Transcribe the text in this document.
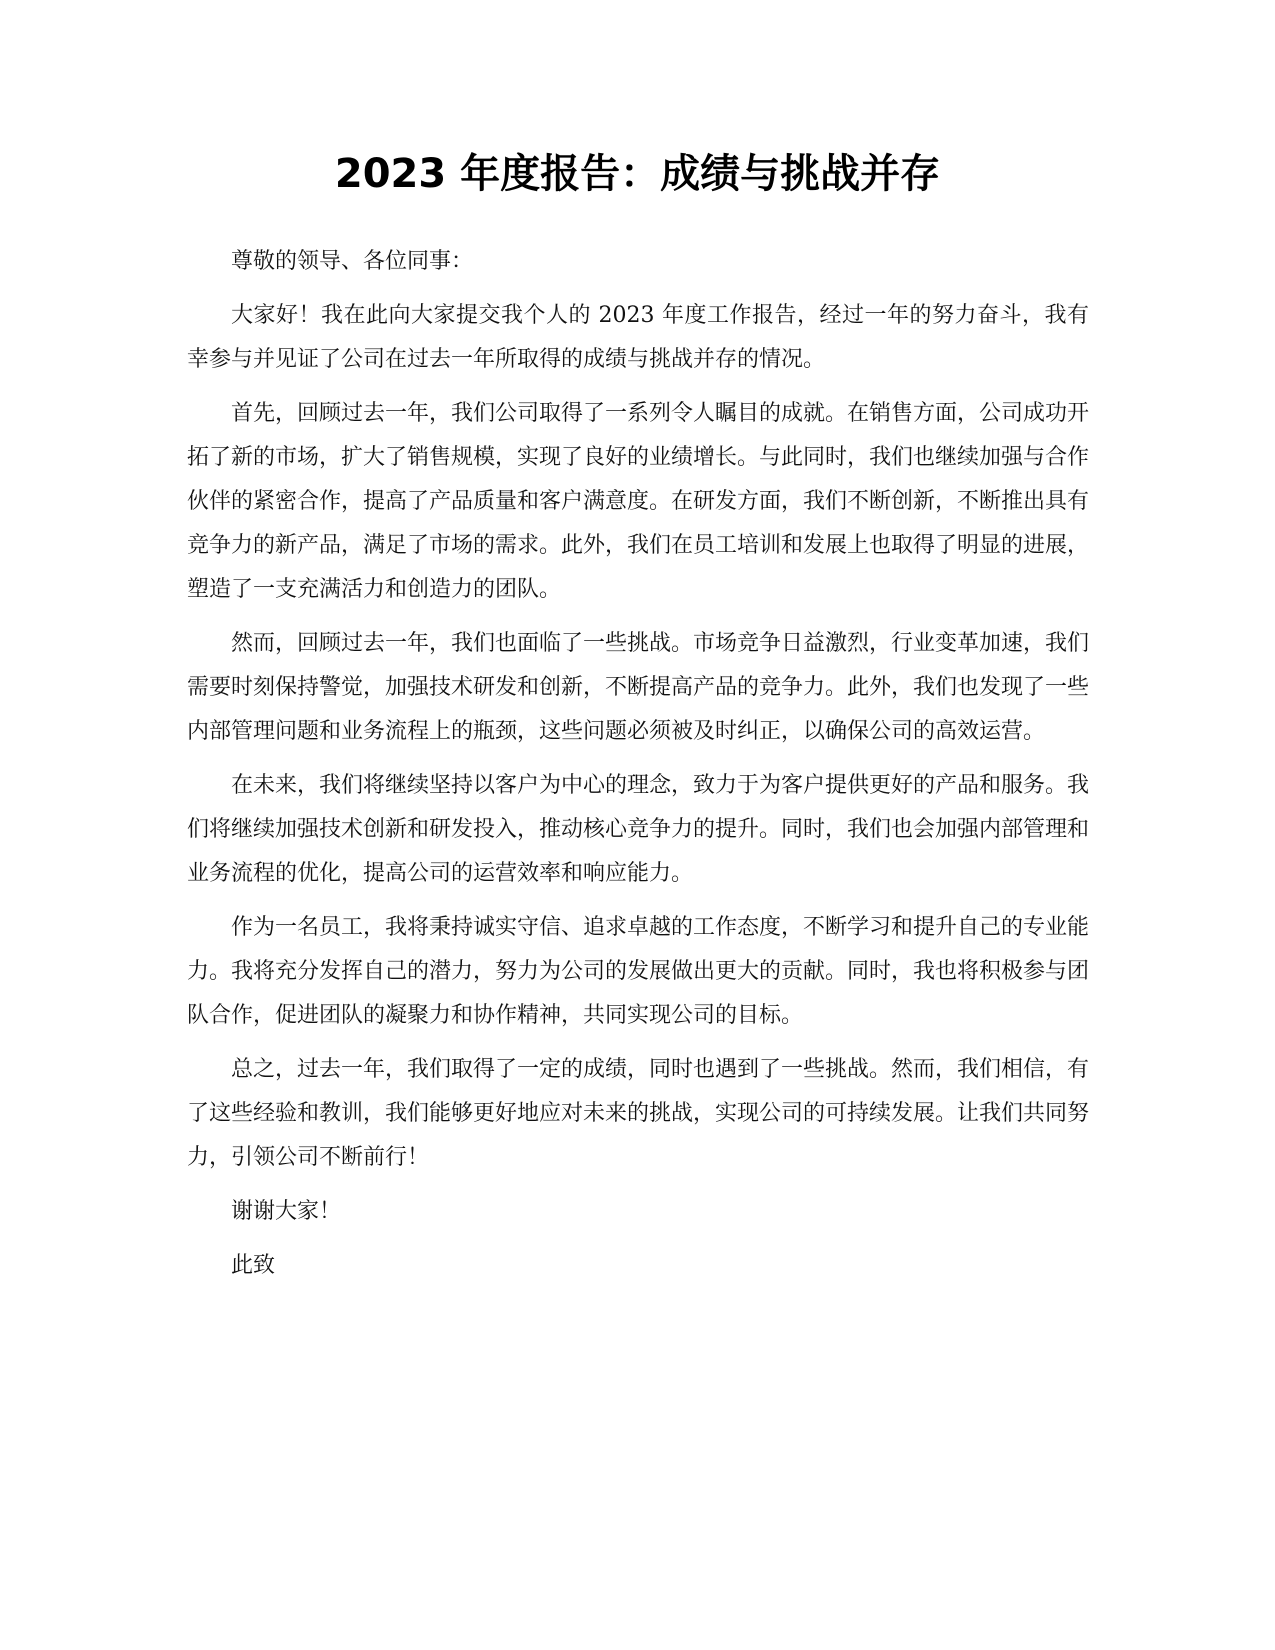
2023 年度报告：成绩与挑战并存

尊敬的领导、各位同事：

大家好！我在此向大家提交我个人的 2023 年度工作报告，经过一年的努力奋斗，我有幸参与并见证了公司在过去一年所取得的成绩与挑战并存的情况。

首先，回顾过去一年，我们公司取得了一系列令人瞩目的成就。在销售方面，公司成功开拓了新的市场，扩大了销售规模，实现了良好的业绩增长。与此同时，我们也继续加强与合作伙伴的紧密合作，提高了产品质量和客户满意度。在研发方面，我们不断创新，不断推出具有竞争力的新产品，满足了市场的需求。此外，我们在员工培训和发展上也取得了明显的进展，塑造了一支充满活力和创造力的团队。

然而，回顾过去一年，我们也面临了一些挑战。市场竞争日益激烈，行业变革加速，我们需要时刻保持警觉，加强技术研发和创新，不断提高产品的竞争力。此外，我们也发现了一些内部管理问题和业务流程上的瓶颈，这些问题必须被及时纠正，以确保公司的高效运营。

在未来，我们将继续坚持以客户为中心的理念，致力于为客户提供更好的产品和服务。我们将继续加强技术创新和研发投入，推动核心竞争力的提升。同时，我们也会加强内部管理和业务流程的优化，提高公司的运营效率和响应能力。

作为一名员工，我将秉持诚实守信、追求卓越的工作态度，不断学习和提升自己的专业能力。我将充分发挥自己的潜力，努力为公司的发展做出更大的贡献。同时，我也将积极参与团队合作，促进团队的凝聚力和协作精神，共同实现公司的目标。

总之，过去一年，我们取得了一定的成绩，同时也遇到了一些挑战。然而，我们相信，有了这些经验和教训，我们能够更好地应对未来的挑战，实现公司的可持续发展。让我们共同努力，引领公司不断前行！

谢谢大家！

此致
